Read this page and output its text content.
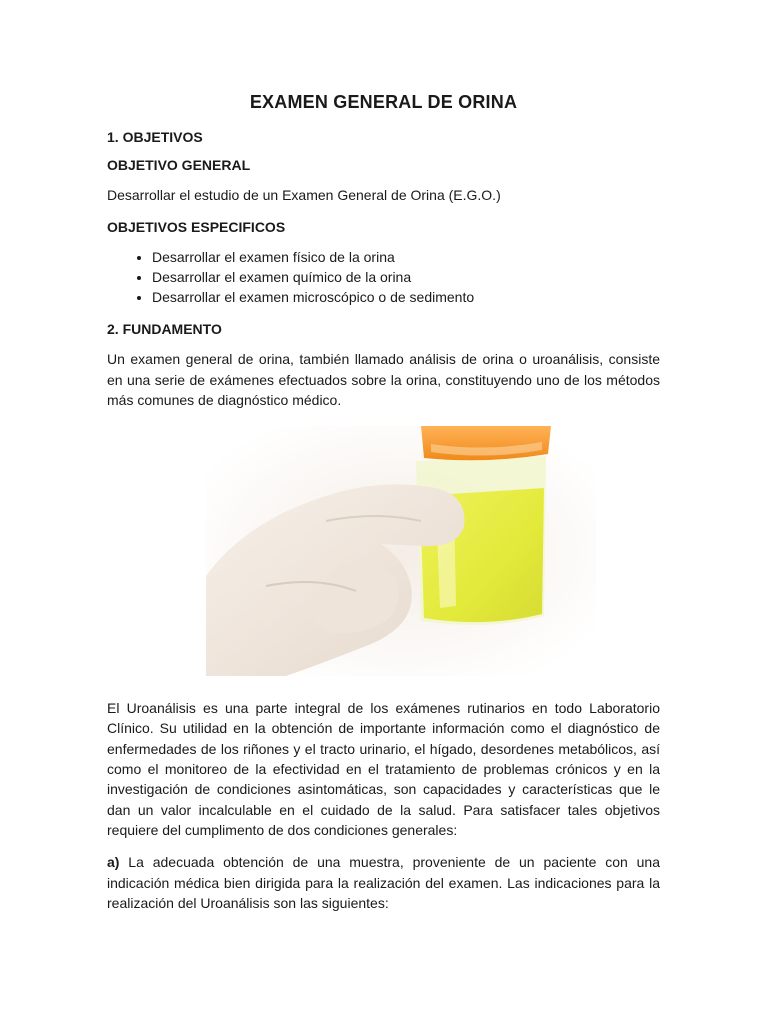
EXAMEN GENERAL DE ORINA
1. OBJETIVOS
OBJETIVO GENERAL
Desarrollar el estudio de un Examen General de Orina (E.G.O.)
OBJETIVOS ESPECIFICOS
• Desarrollar el examen físico de la orina
• Desarrollar el examen químico de la orina
• Desarrollar el examen microscópico o de sedimento
2. FUNDAMENTO
Un examen general de orina, también llamado análisis de orina o uroanálisis, consiste en una serie de exámenes efectuados sobre la orina, constituyendo uno de los métodos más comunes de diagnóstico médico.
El Uroanálisis es una parte integral de los exámenes rutinarios en todo Laboratorio Clínico. Su utilidad en la obtención de importante información como el diagnóstico de enfermedades de los riñones y el tracto urinario, el hígado, desordenes metabólicos, así como el monitoreo de la efectividad en el tratamiento de problemas crónicos y en la investigación de condiciones asintomáticas, son capacidades y características que le dan un valor incalculable en el cuidado de la salud. Para satisfacer tales objetivos requiere del cumplimento de dos condiciones generales:
a) La adecuada obtención de una muestra, proveniente de un paciente con una indicación médica bien dirigida para la realización del examen. Las indicaciones para la realización del Uroanálisis son las siguientes:
